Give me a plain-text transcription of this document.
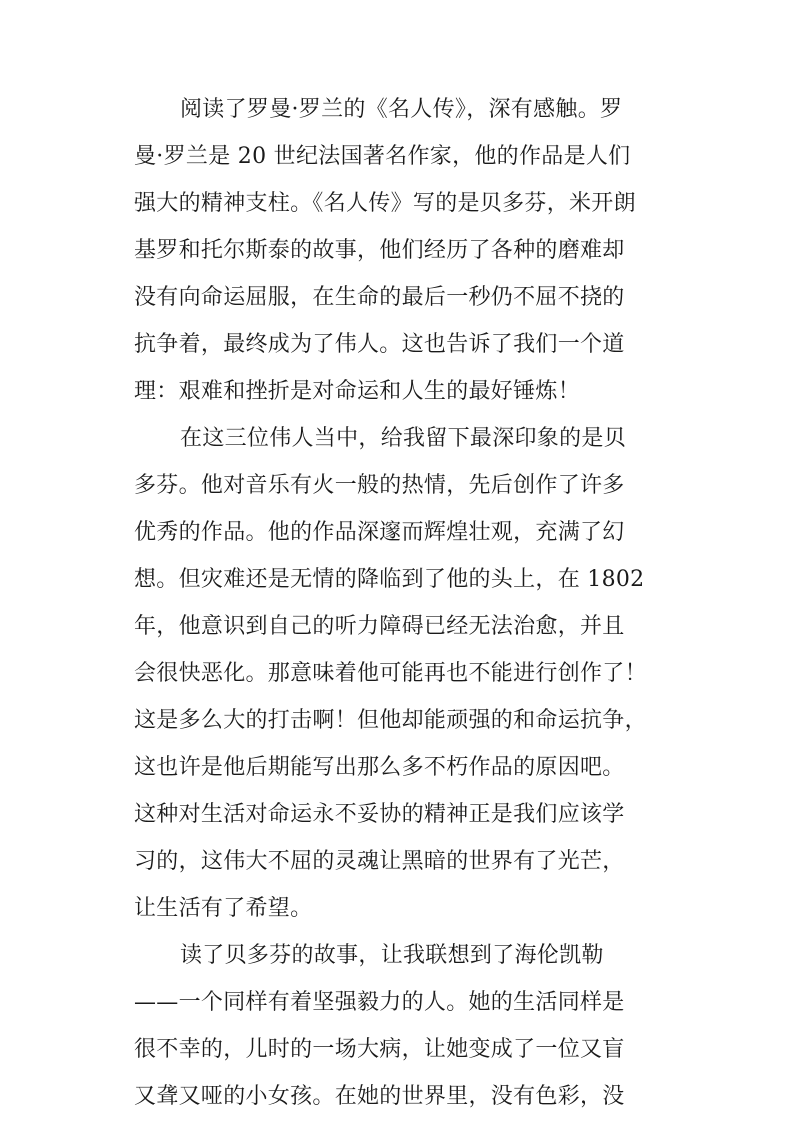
阅读了罗曼·罗兰的《名人传》，深有感触。罗
曼·罗兰是 20 世纪法国著名作家，他的作品是人们
强大的精神支柱。《名人传》写的是贝多芬，米开朗
基罗和托尔斯泰的故事，他们经历了各种的磨难却
没有向命运屈服，在生命的最后一秒仍不屈不挠的
抗争着，最终成为了伟人。这也告诉了我们一个道
理：艰难和挫折是对命运和人生的最好锤炼！
在这三位伟人当中，给我留下最深印象的是贝
多芬。他对音乐有火一般的热情，先后创作了许多
优秀的作品。他的作品深邃而辉煌壮观，充满了幻
想。但灾难还是无情的降临到了他的头上，在 1802
年，他意识到自己的听力障碍已经无法治愈，并且
会很快恶化。那意味着他可能再也不能进行创作了！
这是多么大的打击啊！但他却能顽强的和命运抗争，
这也许是他后期能写出那么多不朽作品的原因吧。
这种对生活对命运永不妥协的精神正是我们应该学
习的，这伟大不屈的灵魂让黑暗的世界有了光芒，
让生活有了希望。
读了贝多芬的故事，让我联想到了海伦凯勒
——一个同样有着坚强毅力的人。她的生活同样是
很不幸的，儿时的一场大病，让她变成了一位又盲
又聋又哑的小女孩。在她的世界里，没有色彩，没
